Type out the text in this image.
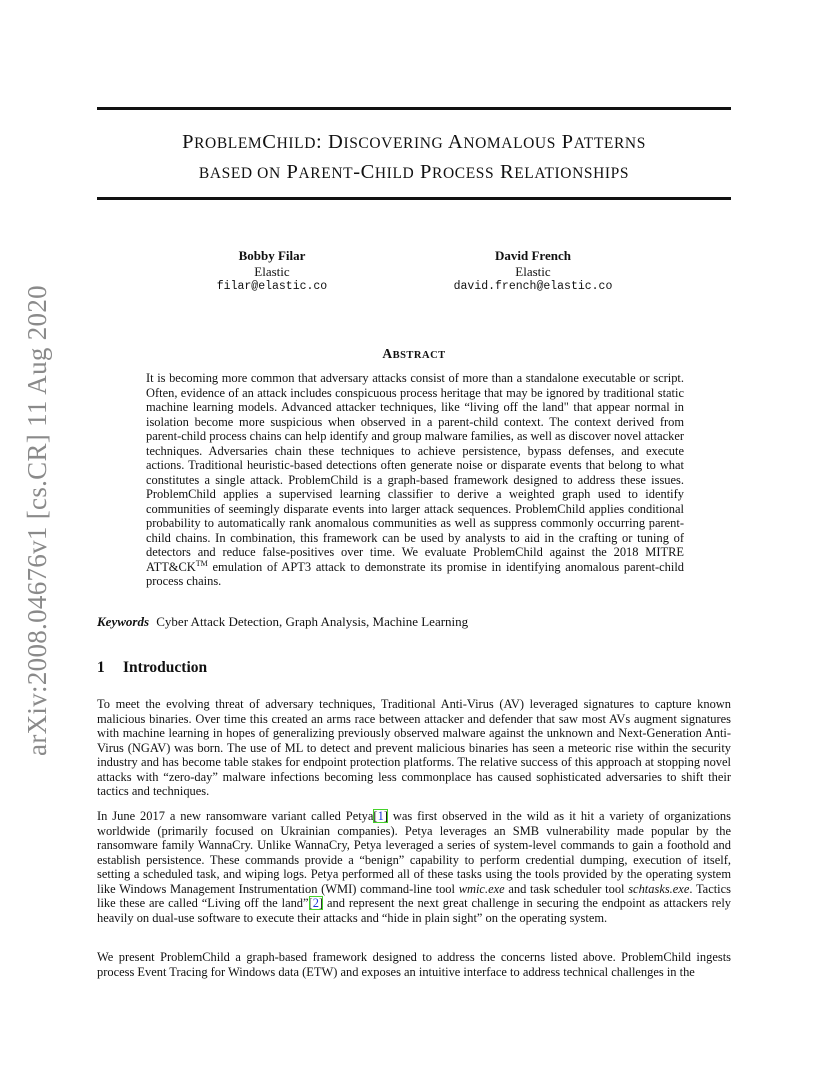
arXiv:2008.04676v1 [cs.CR] 11 Aug 2020
PROBLEMCHILD: DISCOVERING ANOMALOUS PATTERNS
BASED ON PARENT-CHILD PROCESS RELATIONSHIPS
Bobby Filar
Elastic
filar@elastic.co
David French
Elastic
david.french@elastic.co
ABSTRACT

It is becoming more common that adversary attacks consist of more than a standalone executable or script. Often, evidence of an attack includes conspicuous process heritage that may be ignored by traditional static machine learning models. Advanced attacker techniques, like “living off the land" that appear normal in isolation become more suspicious when observed in a parent-child context. The context derived from parent-child process chains can help identify and group malware families, as well as discover novel attacker techniques. Adversaries chain these techniques to achieve persistence, bypass defenses, and execute actions. Traditional heuristic-based detections often generate noise or disparate events that belong to what constitutes a single attack. ProblemChild is a graph-based framework designed to address these issues. ProblemChild applies a supervised learning classifier to derive a weighted graph used to identify communities of seemingly disparate events into larger attack sequences. ProblemChild applies conditional probability to automatically rank anomalous communities as well as suppress commonly occurring parent-child chains. In combination, this framework can be used by analysts to aid in the crafting or tuning of detectors and reduce false-positives over time. We evaluate ProblemChild against the 2018 MITRE ATT&CK™ emulation of APT3 attack to demonstrate its promise in identifying anomalous parent-child process chains.

Keywords Cyber Attack Detection, Graph Analysis, Machine Learning
1 Introduction

To meet the evolving threat of adversary techniques, Traditional Anti-Virus (AV) leveraged signatures to capture known malicious binaries. Over time this created an arms race between attacker and defender that saw most AVs augment signatures with machine learning in hopes of generalizing previously observed malware against the unknown and Next-Generation Anti-Virus (NGAV) was born. The use of ML to detect and prevent malicious binaries has seen a meteoric rise within the security industry and has become table stakes for endpoint protection platforms. The relative success of this approach at stopping novel attacks with “zero-day” malware infections becoming less commonplace has caused sophisticated adversaries to shift their tactics and techniques.

In June 2017 a new ransomware variant called Petya [ 1 ] was first observed in the wild as it hit a variety of organizations worldwide (primarily focused on Ukrainian companies). Petya leverages an SMB vulnerability made popular by the ransomware family WannaCry. Unlike WannaCry, Petya leveraged a series of system-level commands to gain a foothold and establish persistence. These commands provide a “benign” capability to perform credential dumping, execution of itself, setting a scheduled task, and wiping logs. Petya performed all of these tasks using the tools provided by the operating system like Windows Management Instrumentation (WMI) command-line tool wmic.exe and task scheduler tool schtasks.exe. Tactics like these are called “Living off the land” [ 2 ] and represent the next great challenge in securing the endpoint as attackers rely heavily on dual-use software to execute their attacks and “hide in plain sight” on the operating system.

We present ProblemChild a graph-based framework designed to address the concerns listed above. ProblemChild ingests process Event Tracing for Windows data (ETW) and exposes an intuitive interface to address technical challenges in the
